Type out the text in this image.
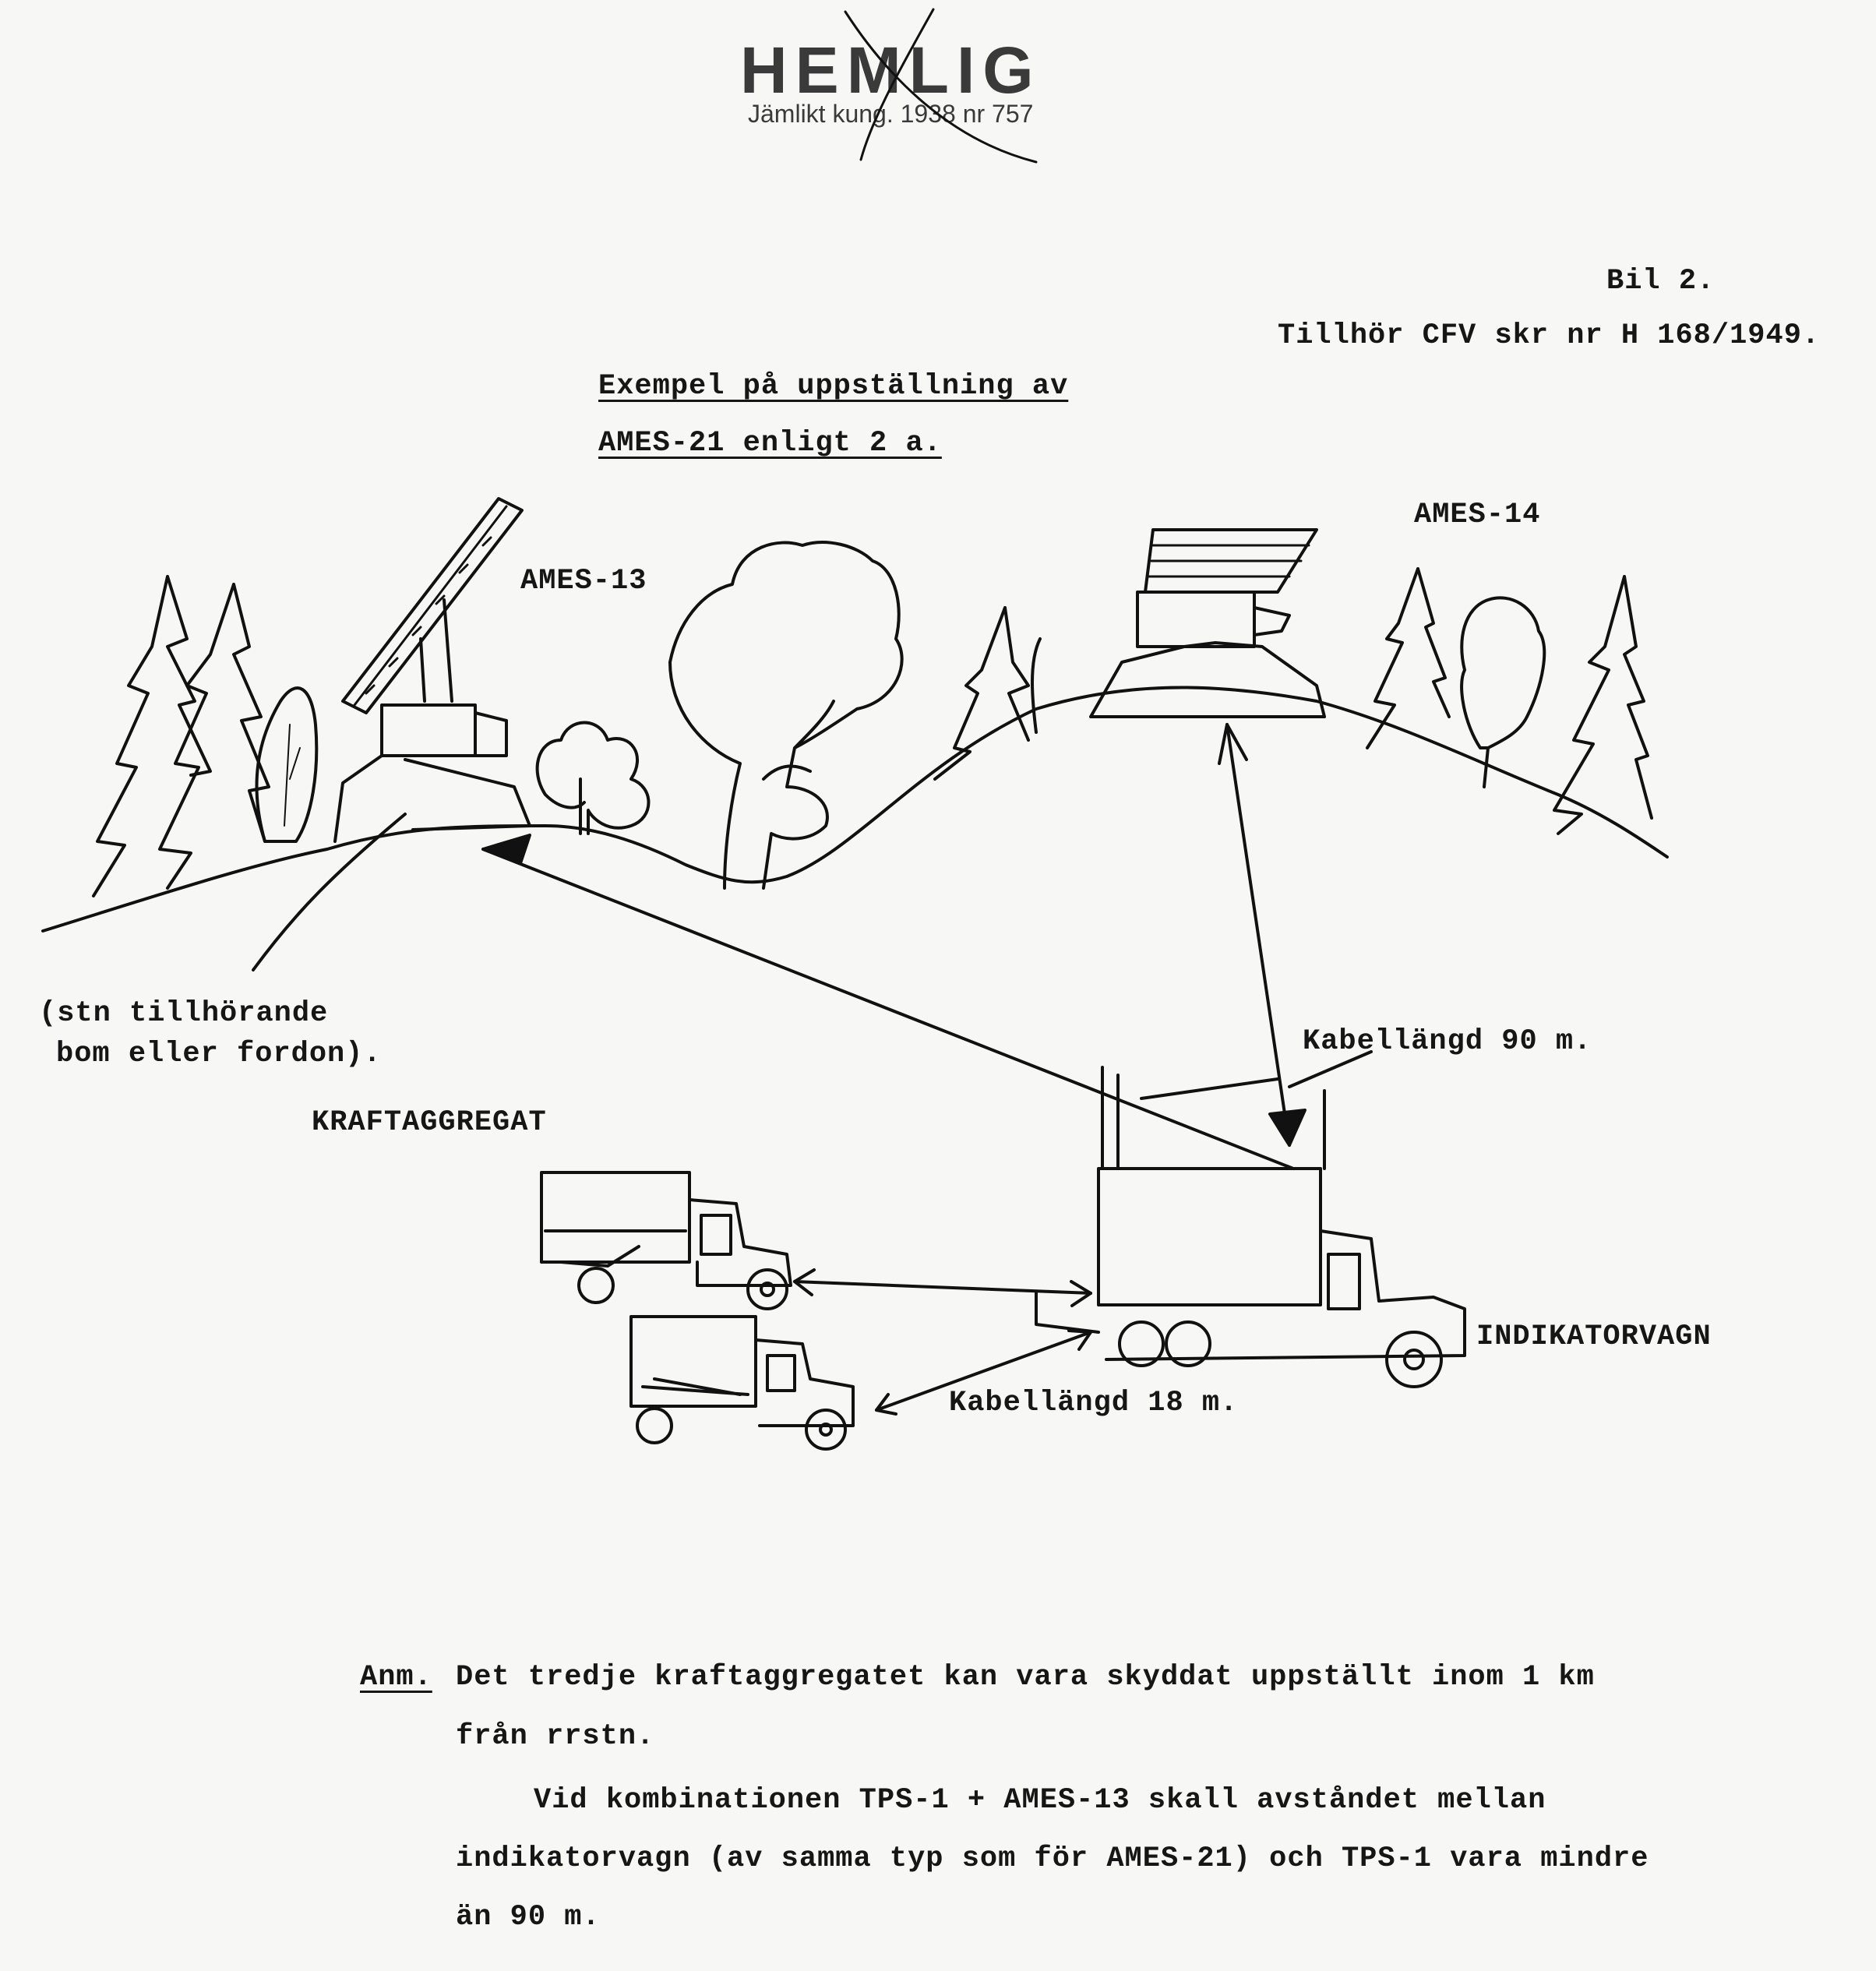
HEMLIG
Jämlikt kung. 1938 nr 757
Bil 2.
Tillhör CFV skr nr H 168/1949.
Exempel på uppställning av
AMES-21 enligt 2 a.
AMES-13
AMES-14
(stn tillhörande
bom eller fordon).
KRAFTAGGREGAT
Kabellängd 90 m.
INDIKATORVAGN
Kabellängd 18 m.
Anm. Det tredje kraftaggregatet kan vara skyddat uppställt inom 1 km
från rrstn.
Vid kombinationen TPS-1 + AMES-13 skall avståndet mellan
indikatorvagn (av samma typ som för AMES-21) och TPS-1 vara mindre
än 90 m.
